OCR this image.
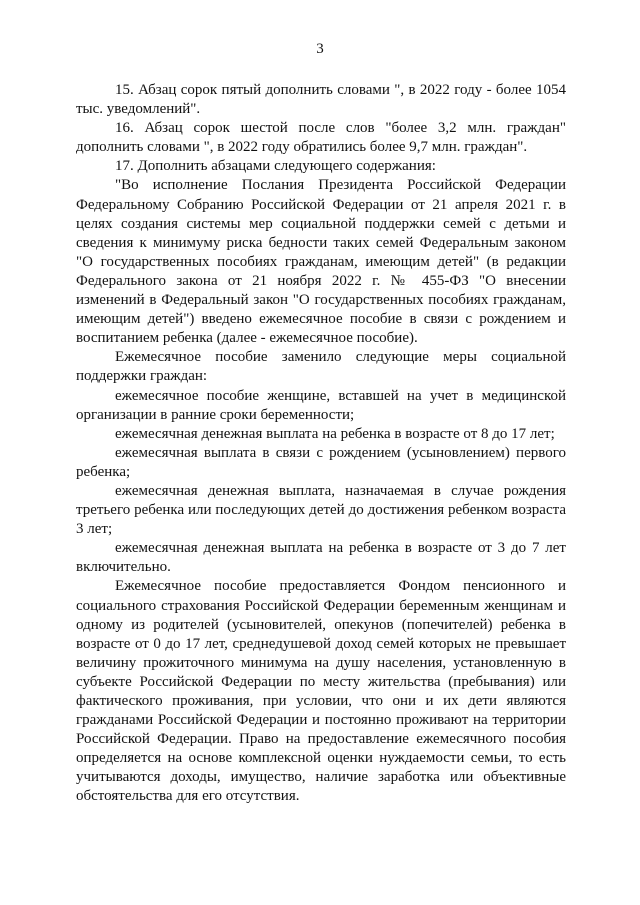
3

15. Абзац сорок пятый дополнить словами ", в 2022 году - более 1054 тыс. уведомлений".

16. Абзац сорок шестой после слов "более 3,2 млн. граждан" дополнить словами ", в 2022 году обратились более 9,7 млн. граждан".

17. Дополнить абзацами следующего содержания:

"Во исполнение Послания Президента Российской Федерации Федеральному Собранию Российской Федерации от 21 апреля 2021 г. в целях создания системы мер социальной поддержки семей с детьми и сведения к минимуму риска бедности таких семей Федеральным законом "О государственных пособиях гражданам, имеющим детей" (в редакции Федерального закона от 21 ноября 2022 г. № 455-ФЗ "О внесении изменений в Федеральный закон "О государственных пособиях гражданам, имеющим детей") введено ежемесячное пособие в связи с рождением и воспитанием ребенка (далее - ежемесячное пособие).

Ежемесячное пособие заменило следующие меры социальной поддержки граждан:

ежемесячное пособие женщине, вставшей на учет в медицинской организации в ранние сроки беременности;

ежемесячная денежная выплата на ребенка в возрасте от 8 до 17 лет;

ежемесячная выплата в связи с рождением (усыновлением) первого ребенка;

ежемесячная денежная выплата, назначаемая в случае рождения третьего ребенка или последующих детей до достижения ребенком возраста 3 лет;

ежемесячная денежная выплата на ребенка в возрасте от 3 до 7 лет включительно.

Ежемесячное пособие предоставляется Фондом пенсионного и социального страхования Российской Федерации беременным женщинам и одному из родителей (усыновителей, опекунов (попечителей) ребенка в возрасте от 0 до 17 лет, среднедушевой доход семей которых не превышает величину прожиточного минимума на душу населения, установленную в субъекте Российской Федерации по месту жительства (пребывания) или фактического проживания, при условии, что они и их дети являются гражданами Российской Федерации и постоянно проживают на территории Российской Федерации. Право на предоставление ежемесячного пособия определяется на основе комплексной оценки нуждаемости семьи, то есть учитываются доходы, имущество, наличие заработка или объективные обстоятельства для его отсутствия.
